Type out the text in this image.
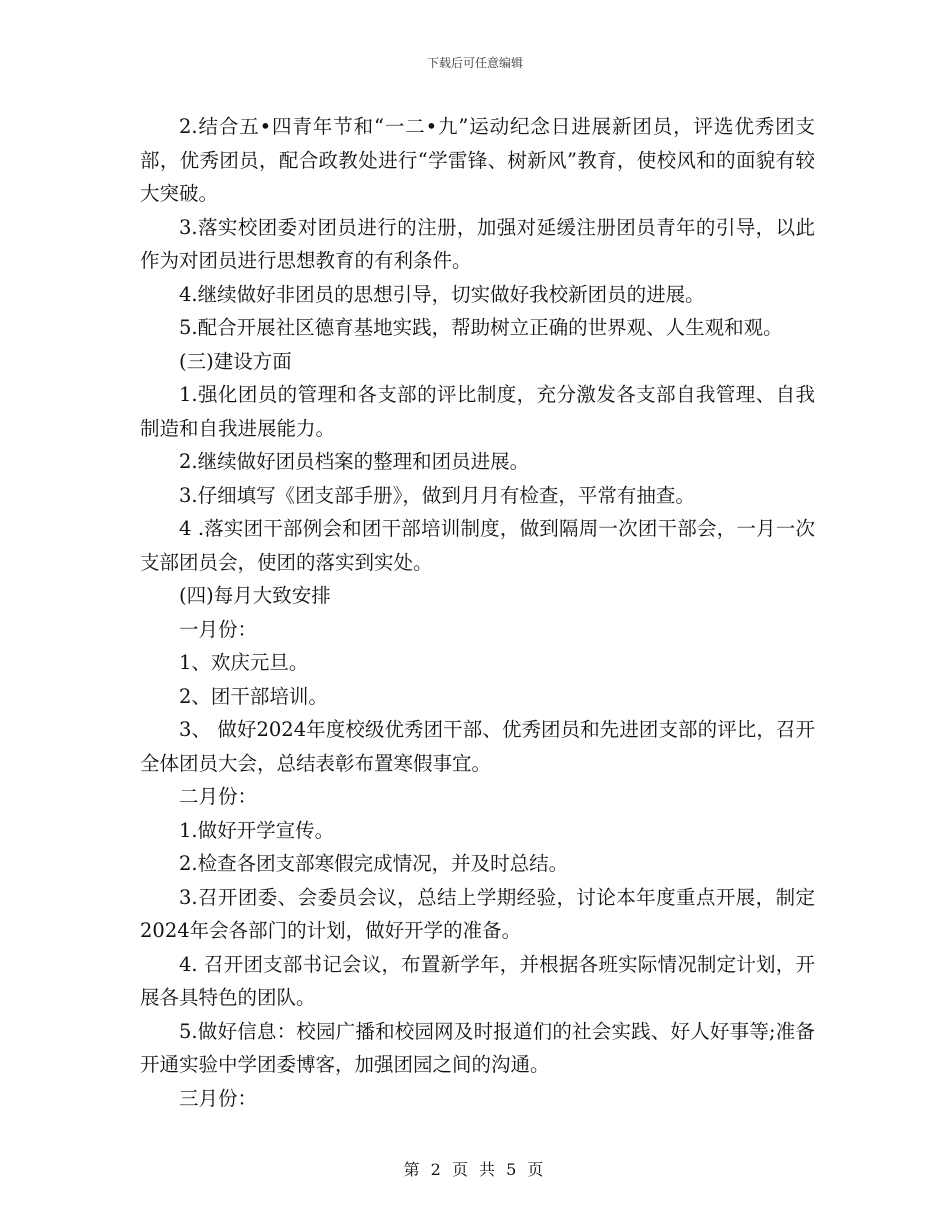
下载后可任意编辑

2.结合五•四青年节和“一二•九”运动纪念日进展新团员，评选优秀团支部，优秀团员，配合政教处进行“学雷锋、树新风”教育，使校风和的面貌有较大突破。

3.落实校团委对团员进行的注册，加强对延缓注册团员青年的引导，以此作为对团员进行思想教育的有利条件。

4.继续做好非团员的思想引导，切实做好我校新团员的进展。

5.配合开展社区德育基地实践，帮助树立正确的世界观、人生观和观。

(三)建设方面

1.强化团员的管理和各支部的评比制度，充分激发各支部自我管理、自我制造和自我进展能力。

2.继续做好团员档案的整理和团员进展。

3.仔细填写《团支部手册》，做到月月有检查，平常有抽查。

4 .落实团干部例会和团干部培训制度，做到隔周一次团干部会，一月一次支部团员会，使团的落实到实处。

(四)每月大致安排

一月份：

1、欢庆元旦。

2、团干部培训。

3、 做好2024年度校级优秀团干部、优秀团员和先进团支部的评比，召开全体团员大会，总结表彰布置寒假事宜。

二月份：

1.做好开学宣传。

2.检查各团支部寒假完成情况，并及时总结。

3.召开团委、会委员会议，总结上学期经验，讨论本年度重点开展，制定2024年会各部门的计划，做好开学的准备。

4. 召开团支部书记会议，布置新学年，并根据各班实际情况制定计划，开展各具特色的团队。

5.做好信息：校园广播和校园网及时报道们的社会实践、好人好事等;准备开通实验中学团委博客，加强团园之间的沟通。

三月份：

第 2 页 共 5 页
